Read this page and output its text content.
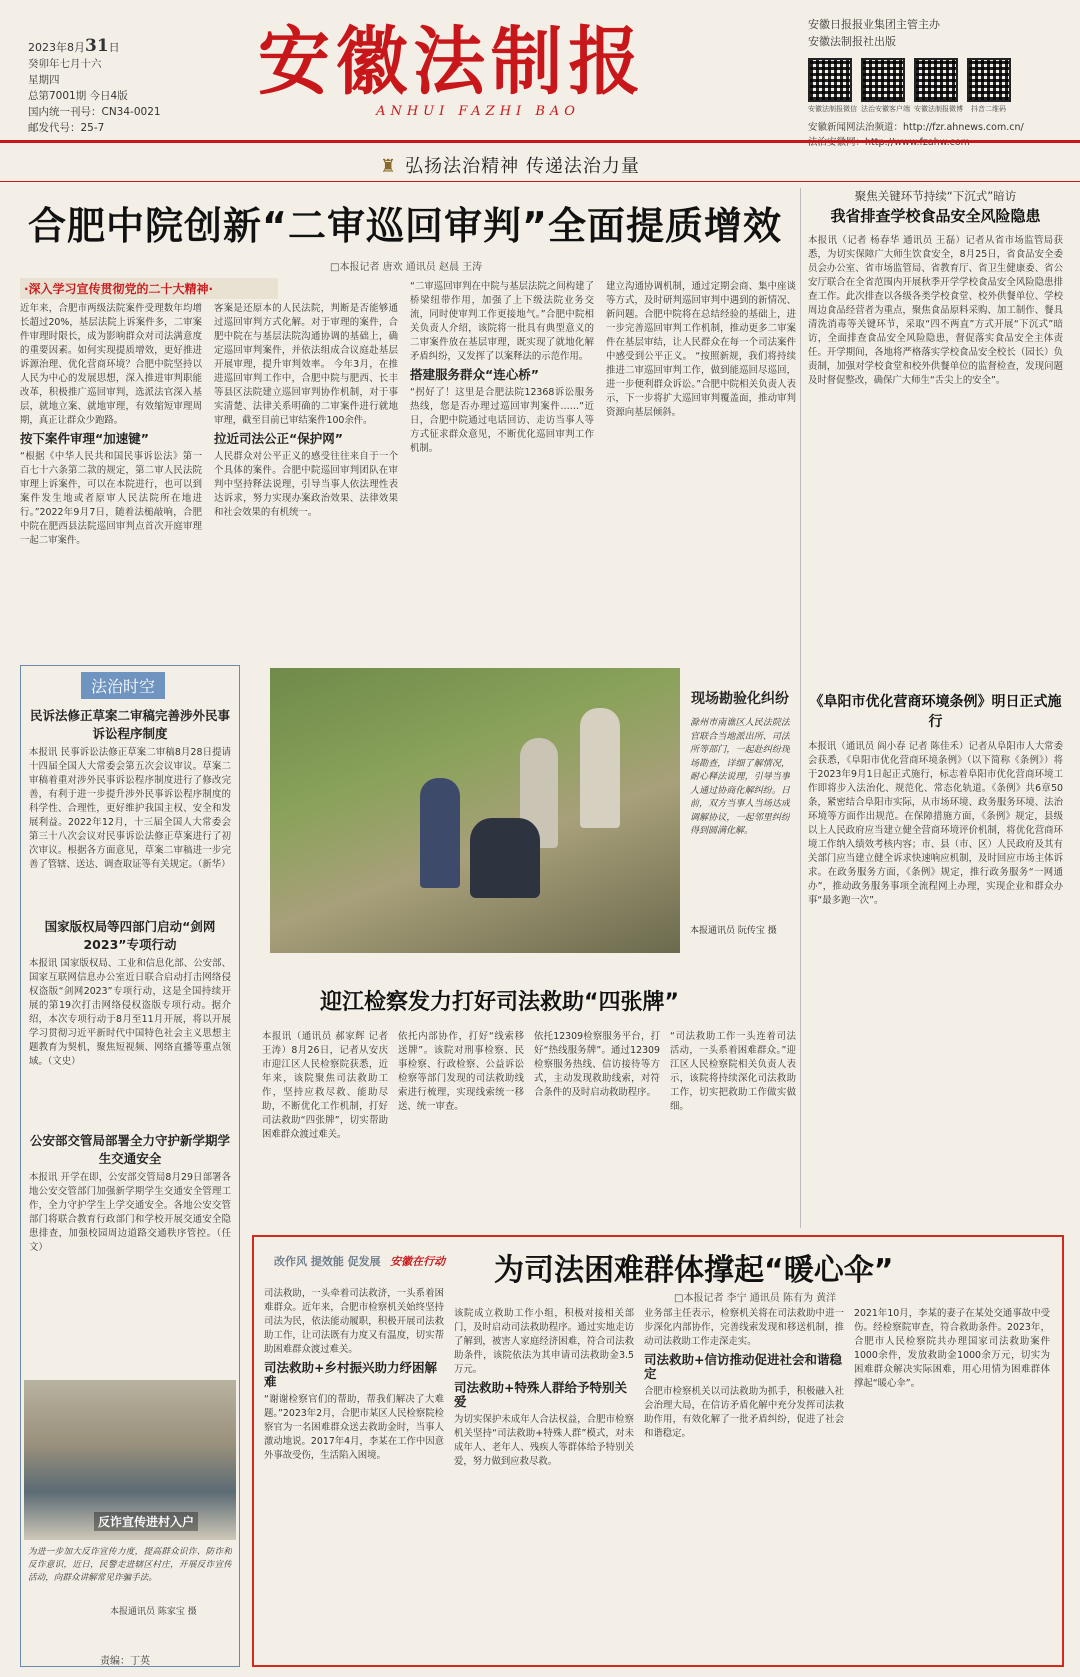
2023年8月31日
癸卯年七月十六
星期四
总第7001期 今日4版
国内统一刊号：CN34-0021
邮发代号：25-7
安徽法制报
ANHUI FAZHI BAO
安徽日报报业集团主管主办
安徽法制报社出版
安徽法制报微信 法治安徽客户端 安徽法制报微博	抖音二维码
安徽新闻网法治频道：http://fzr.ahnews.com.cn/
♜ 弘扬法治精神 传递法治力量
合肥中院创新“二审巡回审判”全面提质增效
□本报记者 唐欢 通讯员 赵晨 王涛
·深入学习宣传贯彻党的二十大精神·
近年来，合肥市两级法院案件受理数年均增长超过20%，基层法院上诉案件多，二审案件审理时限长，成为影响群众对司法满意度的重要因素。如何实现提质增效，更好推进诉源治理、优化营商环境？合肥中院坚持以人民为中心的发展思想，深入推进审判职能改革，积极推广巡回审判，选派法官深入基层，就地立案、就地审理，有效缩短审理周期，真正让群众少跑路。
按下案件审理“加速键”
“根据《中华人民共和国民事诉讼法》第一百七十六条第二款的规定，第二审人民法院审理上诉案件，可以在本院进行，也可以到案件发生地或者原审人民法院所在地进行。”2022年9月7日，随着法槌敲响，合肥中院在肥西县法院巡回审判点首次开庭审理一起二审案件。
客案是还原本的人民法院，判断是否能够通过巡回审判方式化解。对于审理的案件，合肥中院在与基层法院沟通协调的基础上，确定巡回审判案件，并依法组成合议庭赴基层开展审理，提升审判效率。 今年3月，在推进巡回审判工作中，合肥中院与肥西、长丰等县区法院建立巡回审判协作机制，对于事实清楚、法律关系明确的二审案件进行就地审理，截至目前已审结案件100余件。
拉近司法公正“保护网”
人民群众对公平正义的感受往往来自于一个个具体的案件。合肥中院巡回审判团队在审判中坚持释法说理，引导当事人依法理性表达诉求，努力实现办案政治效果、法律效果和社会效果的有机统一。
“二审巡回审判在中院与基层法院之间构建了桥梁纽带作用，加强了上下级法院业务交流，同时使审判工作更接地气。”合肥中院相关负责人介绍，该院将一批具有典型意义的二审案件放在基层审理，既实现了就地化解矛盾纠纷，又发挥了以案释法的示范作用。
搭建服务群众“连心桥”
“拐好了！这里是合肥法院12368诉讼服务热线，您是否办理过巡回审判案件……”近日，合肥中院通过电话回访、走访当事人等方式征求群众意见，不断优化巡回审判工作机制。
建立沟通协调机制，通过定期会商、集中座谈等方式，及时研判巡回审判中遇到的新情况、新问题。合肥中院将在总结经验的基础上，进一步完善巡回审判工作机制，推动更多二审案件在基层审结，让人民群众在每一个司法案件中感受到公平正义。 “按照新规，我们将持续推进二审巡回审判工作，做到能巡回尽巡回，进一步便利群众诉讼。”合肥中院相关负责人表示，下一步将扩大巡回审判覆盖面，推动审判资源向基层倾斜。
法治时空
民诉法修正草案二审稿完善涉外民事诉讼程序制度
本报讯 民事诉讼法修正草案二审稿8月28日提请十四届全国人大常委会第五次会议审议。草案二审稿着重对涉外民事诉讼程序制度进行了修改完善，有利于进一步提升涉外民事诉讼程序制度的科学性、合理性，更好维护我国主权、安全和发展利益。2022年12月，十三届全国人大常委会第三十八次会议对民事诉讼法修正草案进行了初次审议。根据各方面意见，草案二审稿进一步完善了管辖、送达、调查取证等有关规定。（新华）
国家版权局等四部门启动“剑网2023”专项行动
本报讯 国家版权局、工业和信息化部、公安部、国家互联网信息办公室近日联合启动打击网络侵权盗版“剑网2023”专项行动，这是全国持续开展的第19次打击网络侵权盗版专项行动。据介绍，本次专项行动于8月至11月开展，将以开展学习贯彻习近平新时代中国特色社会主义思想主题教育为契机，聚焦短视频、网络直播等重点领域。（文史）
公安部交管局部署全力守护新学期学生交通安全
本报讯 开学在即，公安部交管局8月29日部署各地公安交管部门加强新学期学生交通安全管理工作，全力守护学生上学交通安全。各地公安交管部门将联合教育行政部门和学校开展交通安全隐患排查，加强校园周边道路交通秩序管控。（任文）
反诈宣传进村入户
为进一步加大反诈宣传力度，提高群众识诈、防诈和反诈意识，近日，民警走进辖区村庄，开展反诈宣传活动，向群众讲解常见诈骗手法。
本报通讯员 陈家宝 摄
责编：丁英
现场勘验化纠纷
滁州市南谯区人民法院法官联合当地派出所、司法所等部门，一起赴纠纷现场勘查，详细了解情况，耐心释法说理，引导当事人通过协商化解纠纷。日前，双方当事人当场达成调解协议，一起邻里纠纷得到圆满化解。
本报通讯员 阮传宝 摄
迎江检察发力打好司法救助“四张牌”
本报讯（通讯员 郝家辉 记者 王涛）8月26日，记者从安庆市迎江区人民检察院获悉，近年来，该院聚焦司法救助工作，坚持应救尽救、能助尽助，不断优化工作机制，打好司法救助“四张牌”，切实帮助困难群众渡过难关。
依托内部协作，打好“线索移送牌”。该院对刑事检察、民事检察、行政检察、公益诉讼检察等部门发现的司法救助线索进行梳理，实现线索统一移送、统一审查。
依托12309检察服务平台，打好“热线服务牌”。通过12309检察服务热线、信访接待等方式，主动发现救助线索，对符合条件的及时启动救助程序。
“司法救助工作一头连着司法活动，一头系着困难群众。”迎江区人民检察院相关负责人表示，该院将持续深化司法救助工作，切实把救助工作做实做细。
聚焦关键环节持续“下沉式”暗访
我省排查学校食品安全风险隐患
本报讯（记者 杨春华 通讯员 王磊）记者从省市场监管局获悉，为切实保障广大师生饮食安全，8月25日，省食品安全委员会办公室、省市场监管局、省教育厅、省卫生健康委、省公安厅联合在全省范围内开展秋季开学学校食品安全风险隐患排查工作。此次排查以各级各类学校食堂、校外供餐单位、学校周边食品经营者为重点，聚焦食品原料采购、加工制作、餐具清洗消毒等关键环节，采取“四不两直”方式开展“下沉式”暗访，全面排查食品安全风险隐患，督促落实食品安全主体责任。开学期间，各地将严格落实学校食品安全校长（园长）负责制，加强对学校食堂和校外供餐单位的监督检查，发现问题及时督促整改，确保广大师生“舌尖上的安全”。
《阜阳市优化营商环境条例》明日正式施行
本报讯（通讯员 阎小春 记者 陈佳禾）记者从阜阳市人大常委会获悉，《阜阳市优化营商环境条例》（以下简称《条例》）将于2023年9月1日起正式施行，标志着阜阳市优化营商环境工作即将步入法治化、规范化、常态化轨道。《条例》共6章50条，紧密结合阜阳市实际，从市场环境、政务服务环境、法治环境等方面作出规范。在保障措施方面，《条例》规定，县级以上人民政府应当建立健全营商环境评价机制，将优化营商环境工作纳入绩效考核内容；市、县（市、区）人民政府及其有关部门应当建立健全诉求快速响应机制，及时回应市场主体诉求。在政务服务方面，《条例》规定，推行政务服务“一网通办”，推动政务服务事项全流程网上办理，实现企业和群众办事“最多跑一次”。
改作风 提效能 促发展 安徽在行动 为司法困难群体撑起“暖心伞”
□本报记者 李宁 通讯员 陈有为 黄洋
司法救助，一头牵着司法救济，一头系着困难群众。近年来，合肥市检察机关始终坚持司法为民，依法能动履职，积极开展司法救助工作，让司法既有力度又有温度，切实帮助困难群众渡过难关。
司法救助+乡村振兴助力纾困解难
“谢谢检察官们的帮助，帮我们解决了大难题。”2023年2月，合肥市某区人民检察院检察官为一名困难群众送去救助金时，当事人激动地说。2017年4月，李某在工作中因意外事故受伤，生活陷入困境。
该院成立救助工作小组，积极对接相关部门，及时启动司法救助程序。通过实地走访了解到，被害人家庭经济困难，符合司法救助条件，该院依法为其申请司法救助金3.5万元。
司法救助+特殊人群给予特别关爱
为切实保护未成年人合法权益，合肥市检察机关坚持“司法救助+特殊人群”模式，对未成年人、老年人、残疾人等群体给予特别关爱，努力做到应救尽救。
业务部主任表示，检察机关将在司法救助中进一步深化内部协作，完善线索发现和移送机制，推动司法救助工作走深走实。
司法救助+信访推动促进社会和谐稳定
合肥市检察机关以司法救助为抓手，积极融入社会治理大局，在信访矛盾化解中充分发挥司法救助作用，有效化解了一批矛盾纠纷，促进了社会和谐稳定。
2021年10月，李某的妻子在某处交通事故中受伤。经检察院审查，符合救助条件。2023年，合肥市人民检察院共办理国家司法救助案件1000余件，发放救助金1000余万元，切实为困难群众解决实际困难，用心用情为困难群体撑起“暖心伞”。
